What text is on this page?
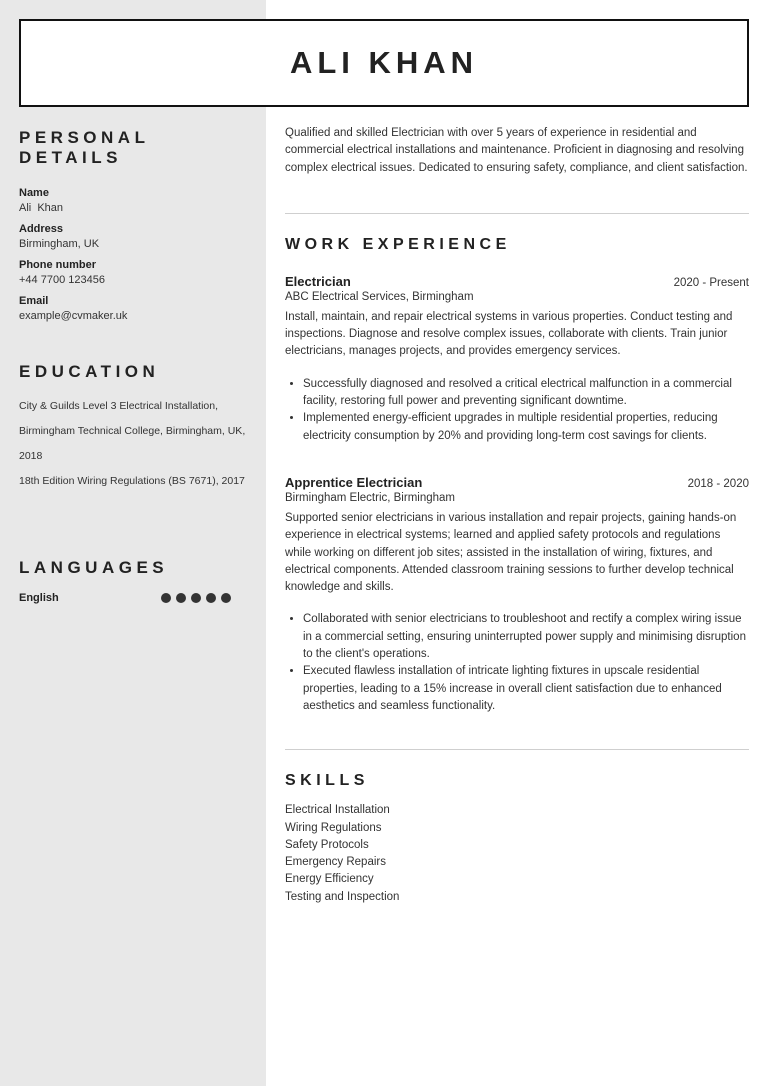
ALI KHAN
PERSONAL DETAILS
Name
Ali  Khan
Address
Birmingham, UK
Phone number
+44 7700 123456
Email
example@cvmaker.uk
EDUCATION
City & Guilds Level 3 Electrical Installation, Birmingham Technical College, Birmingham, UK, 2018
18th Edition Wiring Regulations (BS 7671), 2017
LANGUAGES
English

Qualified and skilled Electrician with over 5 years of experience in residential and commercial electrical installations and maintenance. Proficient in diagnosing and resolving complex electrical issues. Dedicated to ensuring safety, compliance, and client satisfaction.

WORK EXPERIENCE
Electrician	2020 - Present
ABC Electrical Services, Birmingham

Install, maintain, and repair electrical systems in various properties. Conduct testing and inspections. Diagnose and resolve complex issues, collaborate with clients. Train junior electricians, manages projects, and provides emergency services.

• Successfully diagnosed and resolved a critical electrical malfunction in a commercial facility, restoring full power and preventing significant downtime.
• Implemented energy-efficient upgrades in multiple residential properties, reducing electricity consumption by 20% and providing long-term cost savings for clients.
Apprentice Electrician	2018 - 2020
Birmingham Electric, Birmingham

Supported senior electricians in various installation and repair projects, gaining hands-on experience in electrical systems; learned and applied safety protocols and regulations while working on different job sites; assisted in the installation of wiring, fixtures, and electrical components. Attended classroom training sessions to further develop technical knowledge and skills.

• Collaborated with senior electricians to troubleshoot and rectify a complex wiring issue in a commercial setting, ensuring uninterrupted power supply and minimising disruption to the client's operations.
• Executed flawless installation of intricate lighting fixtures in upscale residential properties, leading to a 15% increase in overall client satisfaction due to enhanced aesthetics and seamless functionality.
SKILLS
Electrical Installation
Wiring Regulations
Safety Protocols
Emergency Repairs
Energy Efficiency
Testing and Inspection
